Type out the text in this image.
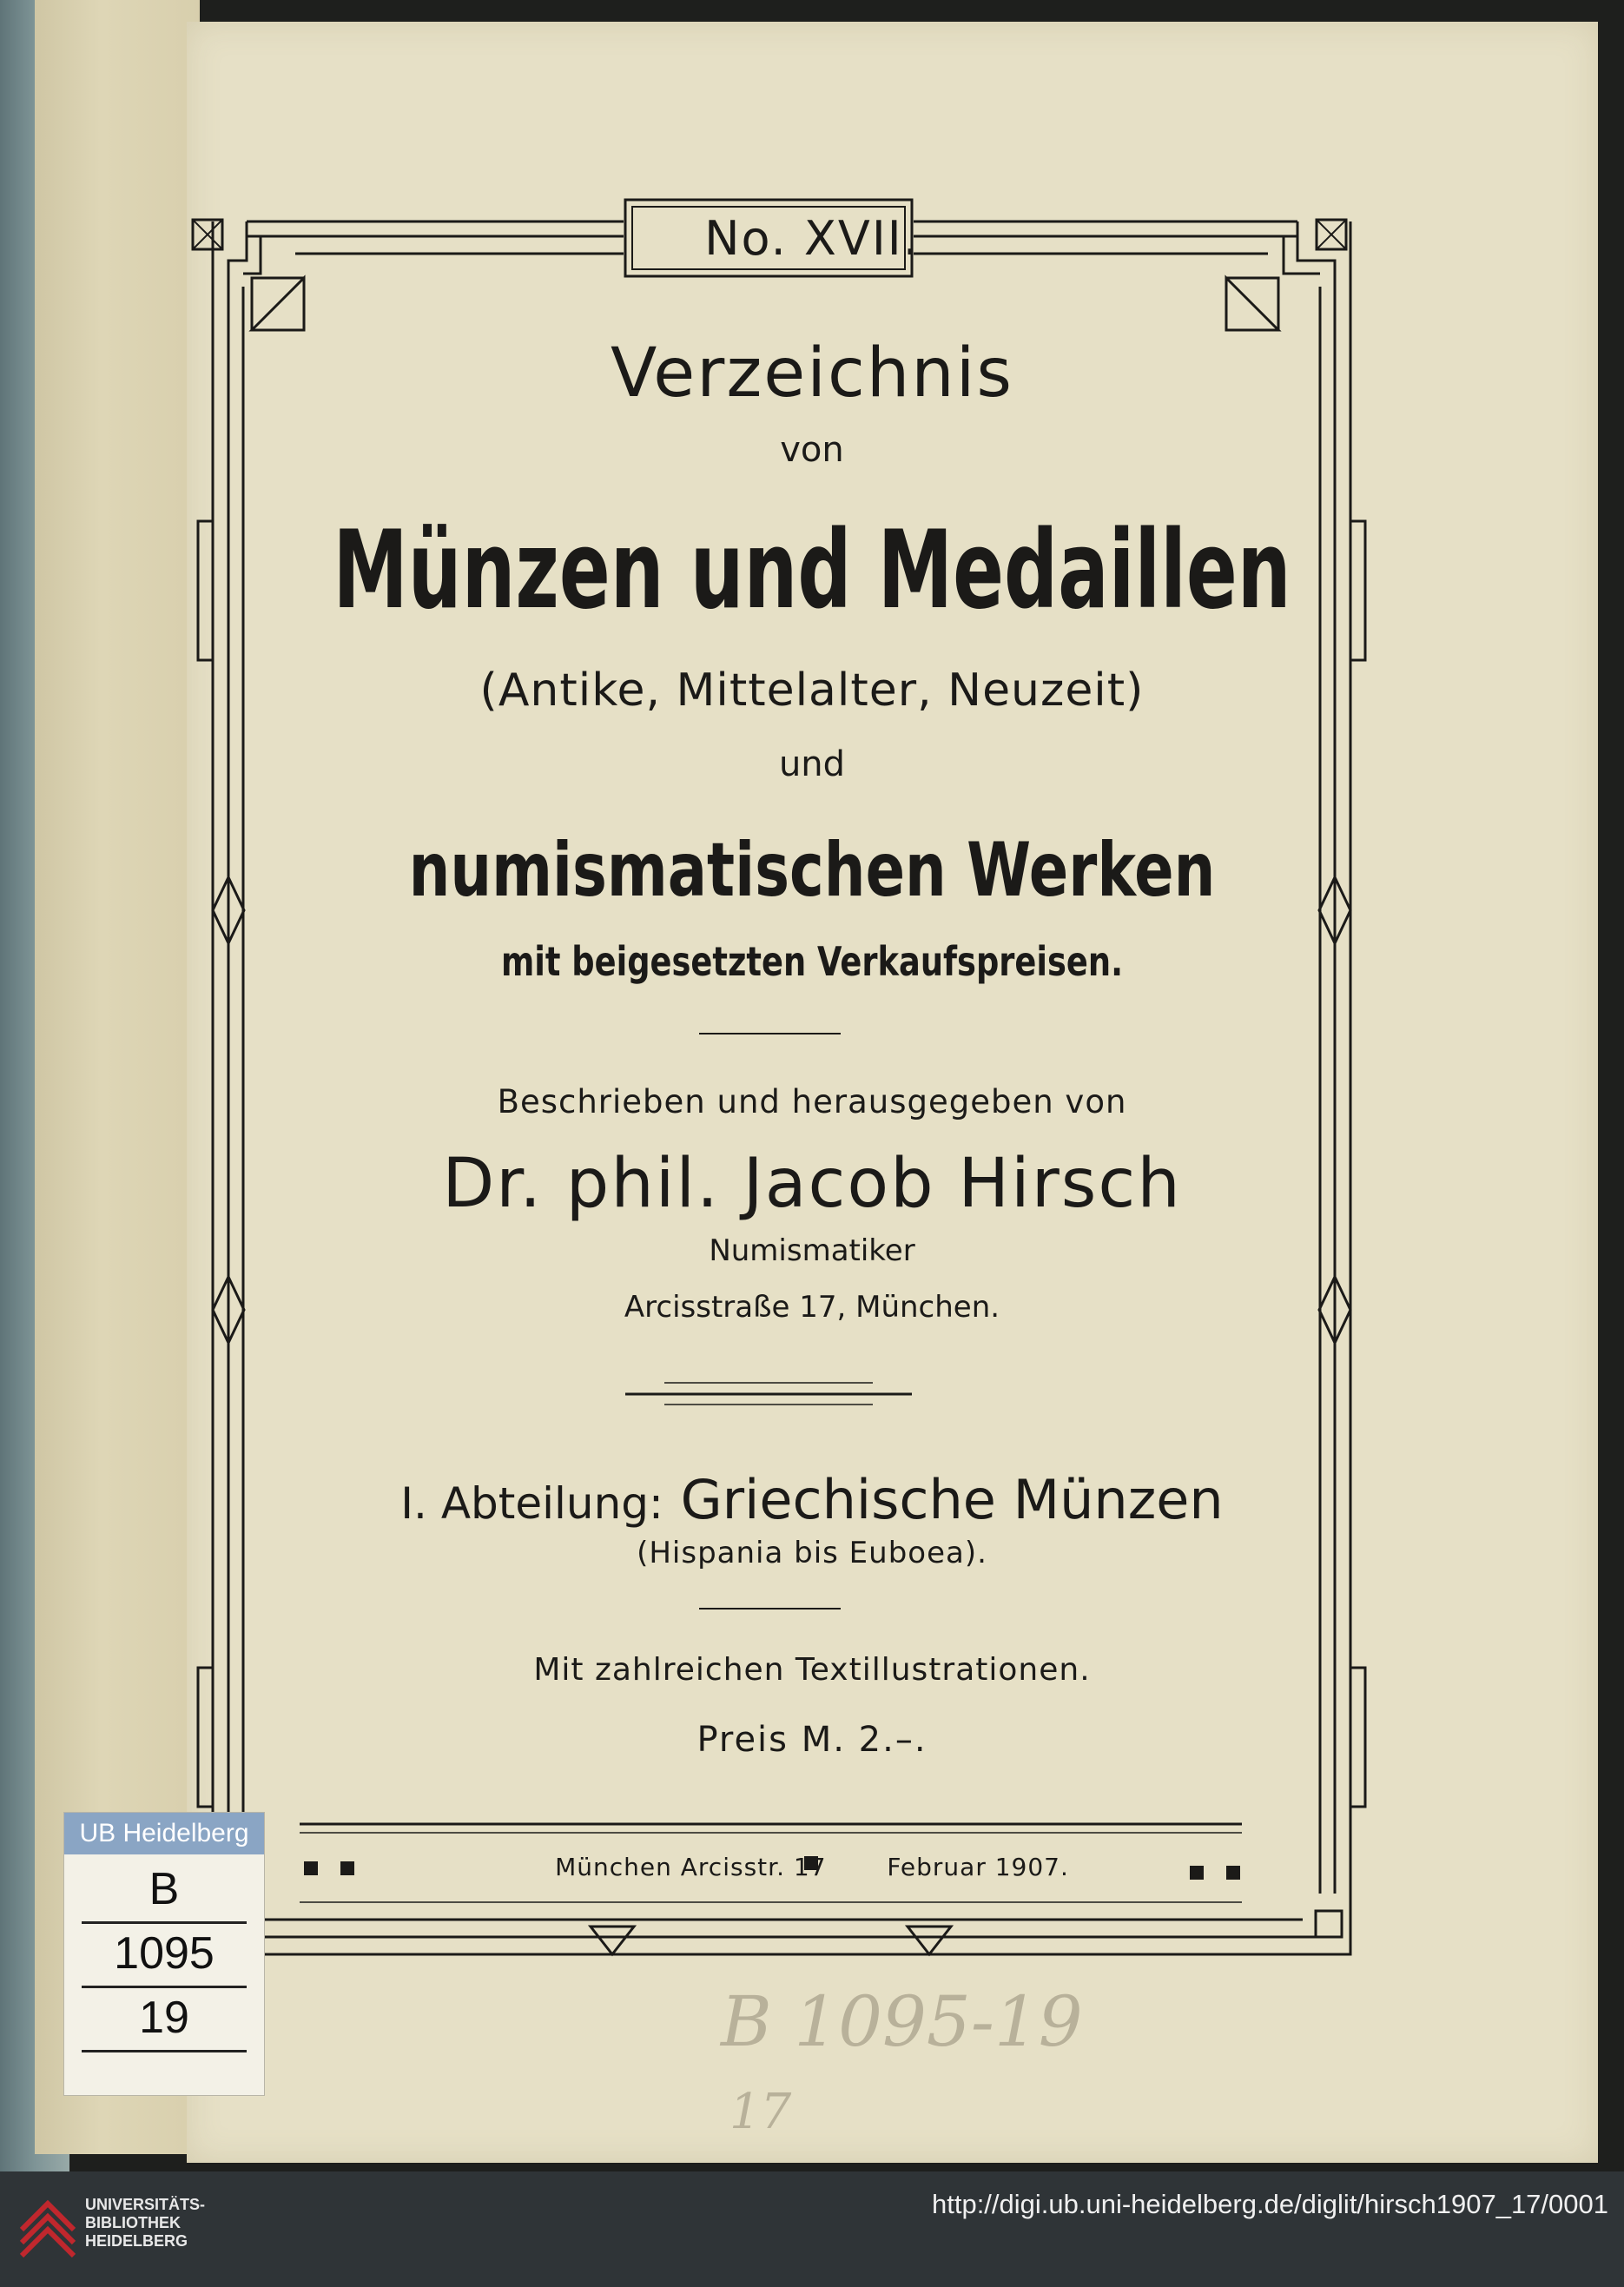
B 1095-19
17
No. XVII.
Verzeichnis
von
Münzen und Medaillen
(Antike, Mittelalter, Neuzeit)
und
numismatischen Werken
mit beigesetzten Verkaufspreisen.
Beschrieben und herausgegeben von
Dr. phil. Jacob Hirsch
Numismatiker
Arcisstraße 17, München.
I. Abteilung: Griechische Münzen
(Hispania bis Euboea).
Mit zahlreichen Textillustrationen.
Preis M. 2.–.
München Arcisstr. 17 Februar 1907.
UB Heidelberg
B
1095
19
UNIVERSITÄTS-
BIBLIOTHEK
HEIDELBERG
http://digi.ub.uni-heidelberg.de/diglit/hirsch1907_17/0001
